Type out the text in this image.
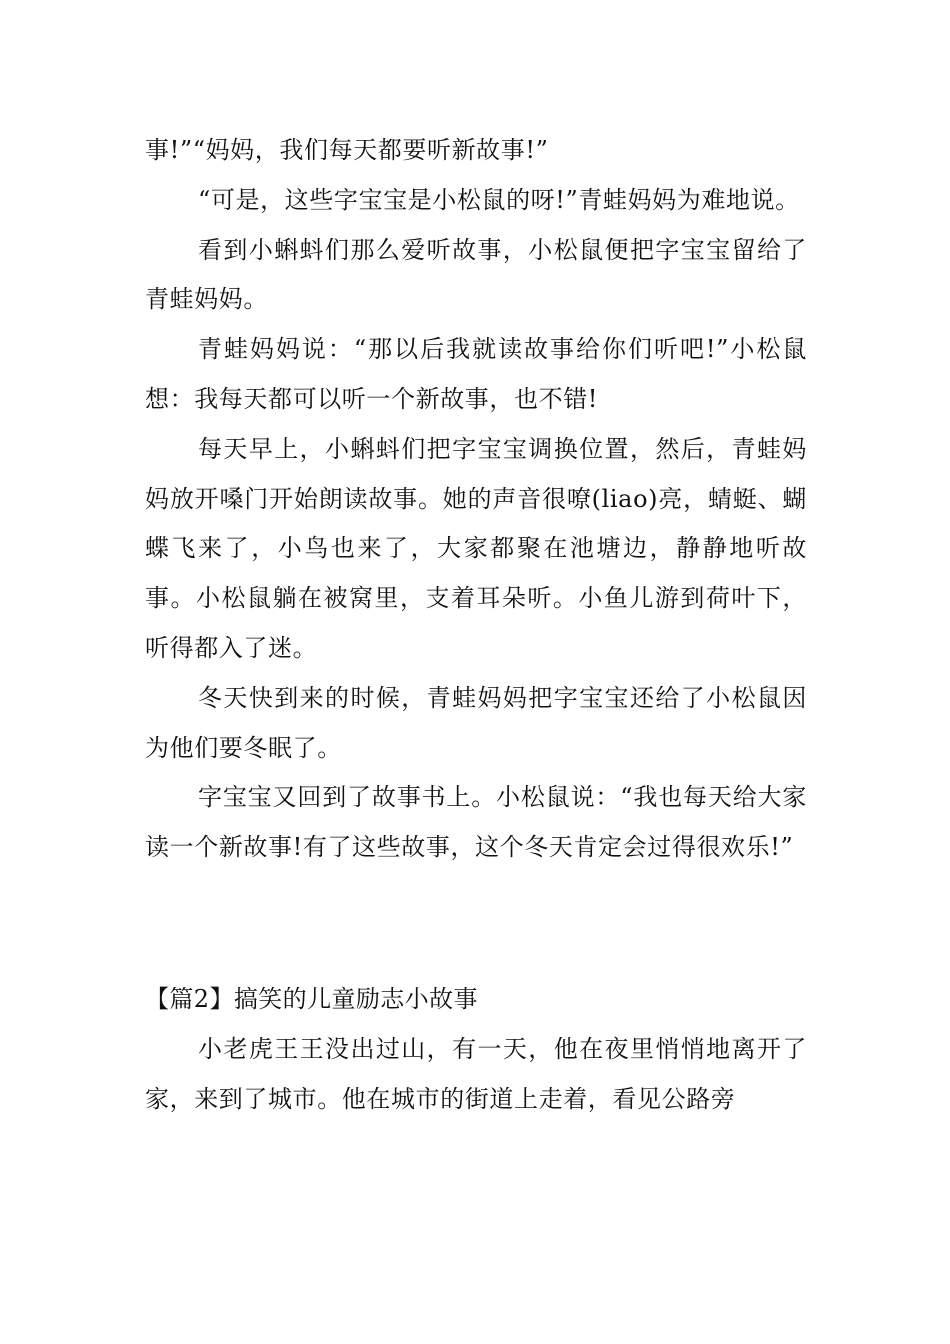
事!”“妈妈，我们每天都要听新故事!”

“可是，这些字宝宝是小松鼠的呀!”青蛙妈妈为难地说。

看到小蝌蚪们那么爱听故事，小松鼠便把字宝宝留给了青蛙妈妈。

青蛙妈妈说：“那以后我就读故事给你们听吧!”小松鼠想：我每天都可以听一个新故事，也不错!

每天早上，小蝌蚪们把字宝宝调换位置，然后，青蛙妈妈放开嗓门开始朗读故事。她的声音很嘹(liao)亮，蜻蜓、蝴蝶飞来了，小鸟也来了，大家都聚在池塘边，静静地听故事。小松鼠躺在被窝里，支着耳朵听。小鱼儿游到荷叶下，听得都入了迷。

冬天快到来的时候，青蛙妈妈把字宝宝还给了小松鼠因为他们要冬眠了。

字宝宝又回到了故事书上。小松鼠说：“我也每天给大家读一个新故事!有了这些故事，这个冬天肯定会过得很欢乐!”

【篇2】搞笑的儿童励志小故事

小老虎王王没出过山，有一天，他在夜里悄悄地离开了家，来到了城市。他在城市的街道上走着，看见公路旁
